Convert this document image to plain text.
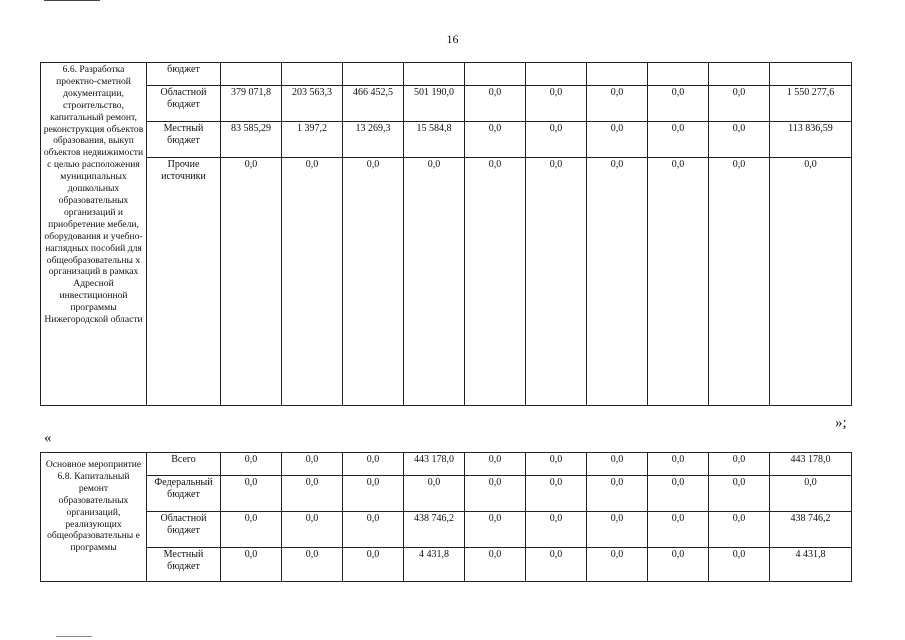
16
6.6. Разработка проектно-сметной документации, строительство, капитальный ремонт, реконструкция объектов образования, выкуп объектов недвижимости с целью расположения муниципальных дошкольных образовательных организаций и приобретение мебели, оборудования и учебно-наглядных пособий для общеобразовательны х организаций в рамках Адресной инвестиционной программы Нижегородской области	бюджет										
	Областной бюджет	379 071,8	203 563,3	466 452,5	501 190,0	0,0	0,0	0,0	0,0	0,0	1 550 277,6
	Местный бюджет	83 585,29	1 397,2	13 269,3	15 584,8	0,0	0,0	0,0	0,0	0,0	113 836,59
	Прочие источники	0,0	0,0	0,0	0,0	0,0	0,0	0,0	0,0	0,0	0,0
»;
«
Основное мероприятие 6.8. Капитальный ремонт образовательных организаций, реализующих общеобразовательны е программы	Всего	0,0	0,0	0,0	443 178,0	0,0	0,0	0,0	0,0	0,0	443 178,0
	Федеральный бюджет	0,0	0,0	0,0	0,0	0,0	0,0	0,0	0,0	0,0	0,0
	Областной бюджет	0,0	0,0	0,0	438 746,2	0,0	0,0	0,0	0,0	0,0	438 746,2
	Местный бюджет	0,0	0,0	0,0	4 431,8	0,0	0,0	0,0	0,0	0,0	4 431,8
